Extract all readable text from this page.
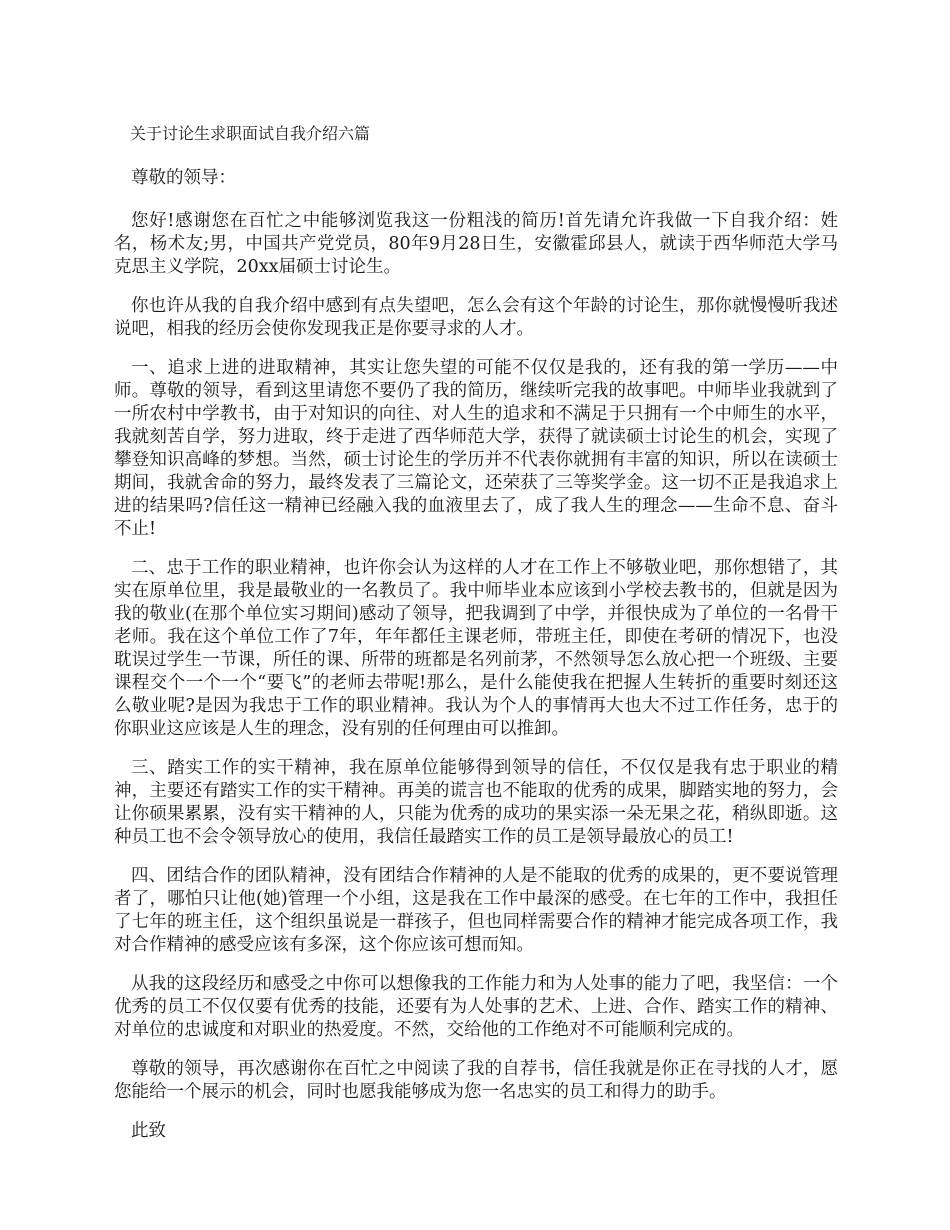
关于讨论生求职面试自我介绍六篇
尊敬的领导：

您好!感谢您在百忙之中能够浏览我这一份粗浅的简历!首先请允许我做一下自我介绍：姓名，杨术友;男，中国共产党党员，80年9月28日生，安徽霍邱县人，就读于西华师范大学马克思主义学院，20xx届硕士讨论生。

你也许从我的自我介绍中感到有点失望吧，怎么会有这个年龄的讨论生，那你就慢慢听我述说吧，相我的经历会使你发现我正是你要寻求的人才。

一、追求上进的进取精神，其实让您失望的可能不仅仅是我的，还有我的第一学历——中师。尊敬的领导，看到这里请您不要仍了我的简历，继续听完我的故事吧。中师毕业我就到了一所农村中学教书，由于对知识的向往、对人生的追求和不满足于只拥有一个中师生的水平，我就刻苦自学，努力进取，终于走进了西华师范大学，获得了就读硕士讨论生的机会，实现了攀登知识高峰的梦想。当然，硕士讨论生的学历并不代表你就拥有丰富的知识，所以在读硕士期间，我就舍命的努力，最终发表了三篇论文，还荣获了三等奖学金。这一切不正是我追求上进的结果吗?信任这一精神已经融入我的血液里去了，成了我人生的理念——生命不息、奋斗不止!

二、忠于工作的职业精神，也许你会认为这样的人才在工作上不够敬业吧，那你想错了，其实在原单位里，我是最敬业的一名教员了。我中师毕业本应该到小学校去教书的，但就是因为我的敬业(在那个单位实习期间)感动了领导，把我调到了中学，并很快成为了单位的一名骨干老师。我在这个单位工作了7年，年年都任主课老师，带班主任，即使在考研的情况下，也没耽误过学生一节课，所任的课、所带的班都是名列前茅，不然领导怎么放心把一个班级、主要课程交个一个一个“要飞”的老师去带呢!那么，是什么能使我在把握人生转折的重要时刻还这么敬业呢?是因为我忠于工作的职业精神。我认为个人的事情再大也大不过工作任务，忠于的你职业这应该是人生的理念，没有别的任何理由可以推卸。

三、踏实工作的实干精神，我在原单位能够得到领导的信任，不仅仅是我有忠于职业的精神，主要还有踏实工作的实干精神。再美的谎言也不能取的优秀的成果，脚踏实地的努力，会让你硕果累累，没有实干精神的人，只能为优秀的成功的果实添一朵无果之花，稍纵即逝。这种员工也不会令领导放心的使用，我信任最踏实工作的员工是领导最放心的员工!

四、团结合作的团队精神，没有团结合作精神的人是不能取的优秀的成果的，更不要说管理者了，哪怕只让他(她)管理一个小组，这是我在工作中最深的感受。在七年的工作中，我担任了七年的班主任，这个组织虽说是一群孩子，但也同样需要合作的精神才能完成各项工作，我对合作精神的感受应该有多深，这个你应该可想而知。

从我的这段经历和感受之中你可以想像我的工作能力和为人处事的能力了吧，我坚信：一个优秀的员工不仅仅要有优秀的技能，还要有为人处事的艺术、上进、合作、踏实工作的精神、对单位的忠诚度和对职业的热爱度。不然，交给他的工作绝对不可能顺利完成的。

尊敬的领导，再次感谢你在百忙之中阅读了我的自荐书，信任我就是你正在寻找的人才，愿您能给一个展示的机会，同时也愿我能够成为您一名忠实的员工和得力的助手。

此致
